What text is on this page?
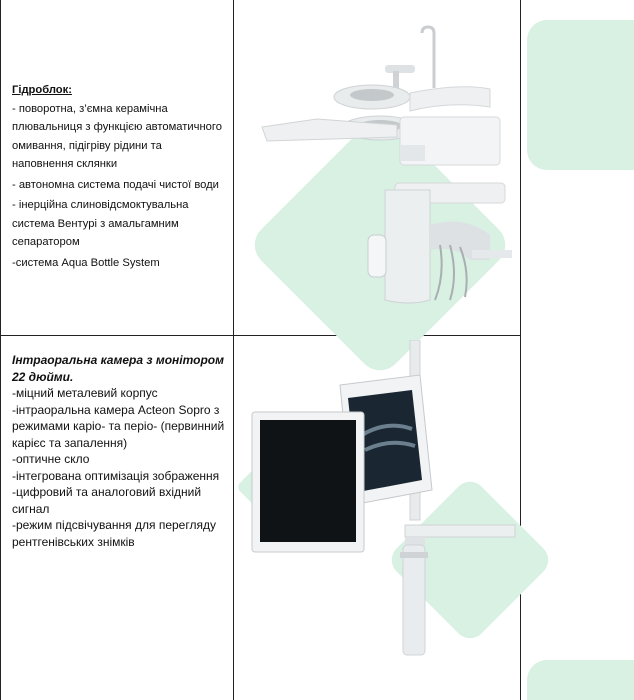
Гідроблок:
- поворотна, з’ємна керамічна плювальниця з функцією автоматичного омивання, підігріву рідини та наповнення склянки
- автономна система подачі чистої води
- інерційна слиновідсмоктувальна система Вентурі з амальгамним сепаратором
-система Aqua Bottle System
Інтраоральна камера з монітором 22 дюйми.
-міцний металевий корпус
-інтраоральна камера Acteon Sopro з режимами каріо- та періо- (первинний карієс та запалення)
-оптичне скло
-інтегрована оптимізація зображення
-цифровий та аналоговий вхідний сигнал
-режим підсвічування для перегляду рентгенівських знімків
